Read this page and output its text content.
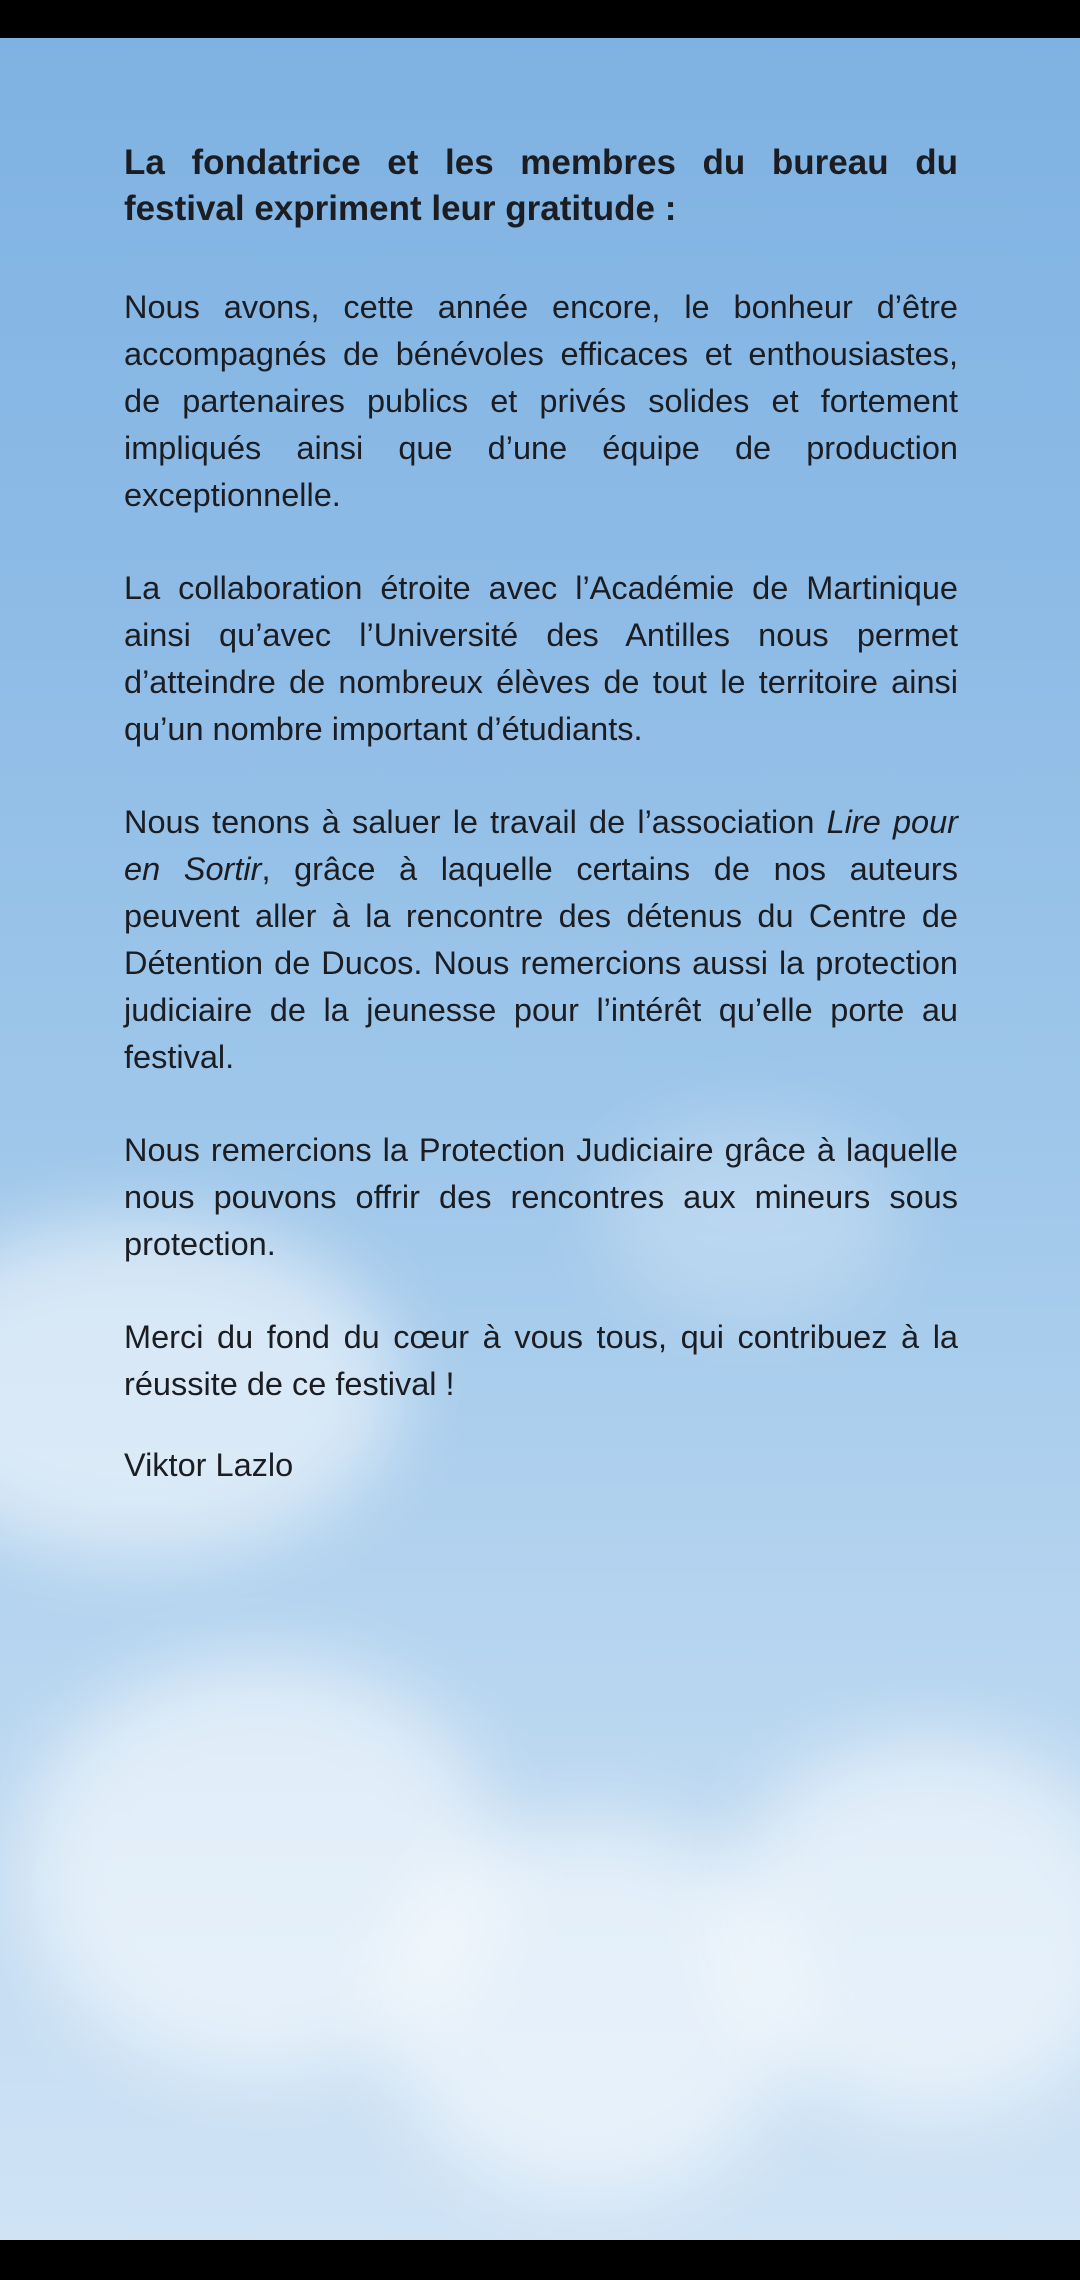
La fondatrice et les membres du bureau du festival expriment leur gratitude :

Nous avons, cette année encore, le bonheur d’être accompagnés de bénévoles efficaces et enthousiastes, de partenaires publics et privés solides et fortement impliqués ainsi que d’une équipe de production exceptionnelle.

La collaboration étroite avec l’Académie de Martinique ainsi qu’avec l’Université des Antilles nous permet d’atteindre de nombreux élèves de tout le territoire ainsi qu’un nombre important d’étudiants.

Nous tenons à saluer le travail de l’association Lire pour en Sortir, grâce à laquelle certains de nos auteurs peuvent aller à la rencontre des détenus du Centre de Détention de Ducos. Nous remercions aussi la protection judiciaire de la jeunesse pour l’intérêt qu’elle porte au festival.

Nous remercions la Protection Judiciaire grâce à laquelle nous pouvons offrir des rencontres aux mineurs sous protection.

Merci du fond du cœur à vous tous, qui contribuez à la réussite de ce festival !

Viktor Lazlo
